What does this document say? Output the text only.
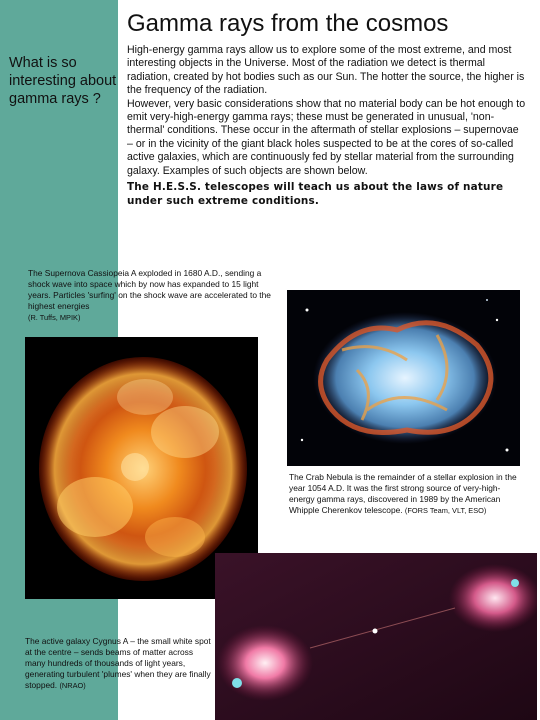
Gamma rays from the cosmos
What is so interesting about gamma rays ?

High-energy gamma rays allow us to explore some of the most extreme, and most interesting objects in the Universe. Most of the radiation we detect is thermal radiation, created by hot bodies such as our Sun. The hotter the source, the higher is the frequency of the radiation.

However, very basic considerations show that no material body can be hot enough to emit very-high-energy gamma rays; these must be generated in unusual, 'non-thermal' conditions. These occur in the aftermath of stellar explosions – supernovae – or in the vicinity of the giant black holes suspected to be at the cores of so-called active galaxies, which are continuously fed by stellar material from the surrounding galaxy. Examples of such objects are shown below.

The H.E.S.S. telescopes will teach us about the laws of nature under such extreme conditions.

The Supernova Cassiopeia A exploded in 1680 A.D., sending a shock wave into space which by now has expanded to 15 light years. Particles 'surfing' on the shock wave are accelerated to the highest energies
(R. Tuffs, MPIK)
The Crab Nebula is the remainder of a stellar explosion in the year 1054 A.D. It was the first strong source of very-high-energy gamma rays, discovered in 1989 by the American Whipple Cherenkov telescope. (FORS Team, VLT, ESO)
The active galaxy Cygnus A – the small white spot at the centre – sends beams of matter across many hundreds of thousands of light years, generating turbulent 'plumes' when they are finally stopped. (NRAO)
